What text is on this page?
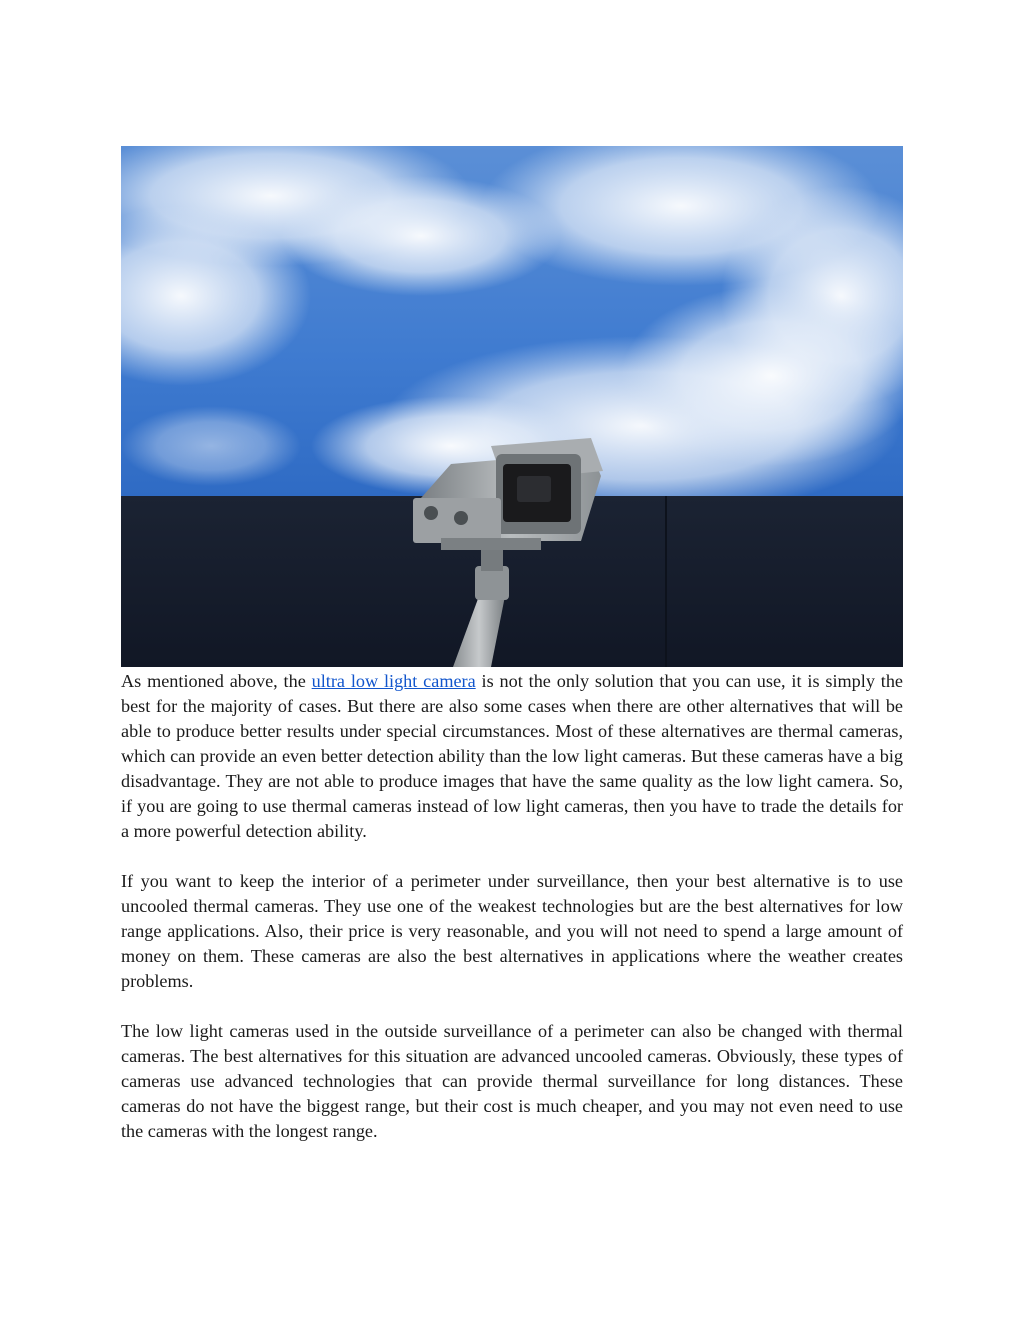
As mentioned above, the ultra low light camera is not the only solution that you can use, it is simply the best for the majority of cases. But there are also some cases when there are other alternatives that will be able to produce better results under special circumstances. Most of these alternatives are thermal cameras, which can provide an even better detection ability than the low light cameras. But these cameras have a big disadvantage. They are not able to produce images that have the same quality as the low light camera. So, if you are going to use thermal cameras instead of low light cameras, then you have to trade the details for a more powerful detection ability.

If you want to keep the interior of a perimeter under surveillance, then your best alternative is to use uncooled thermal cameras. They use one of the weakest technologies but are the best alternatives for low range applications. Also, their price is very reasonable, and you will not need to spend a large amount of money on them. These cameras are also the best alternatives in applications where the weather creates problems.

The low light cameras used in the outside surveillance of a perimeter can also be changed with thermal cameras. The best alternatives for this situation are advanced uncooled cameras. Obviously, these types of cameras use advanced technologies that can provide thermal surveillance for long distances. These cameras do not have the biggest range, but their cost is much cheaper, and you may not even need to use the cameras with the longest range.
